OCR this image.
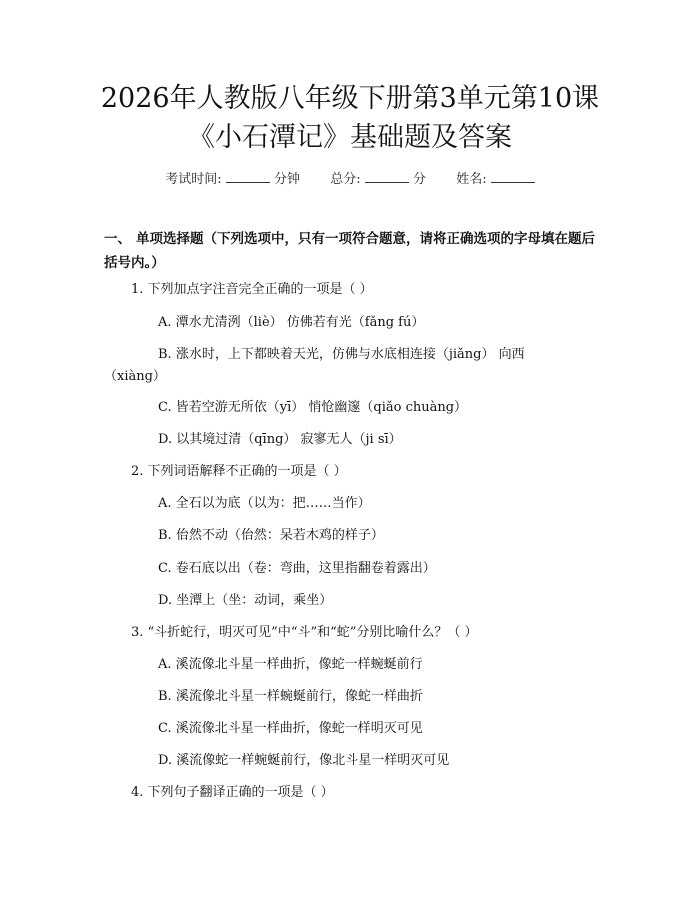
2026年人教版八年级下册第3单元第10课
《小石潭记》基础题及答案
考试时间:	分钟 总分:	分 姓名:
一、 单项选择题（下列选项中，只有一项符合题意，请将正确选项的字母填在题后括号内。）
1. 下列加点字注音完全正确的一项是（ ）
A. 潭水尤清洌（liè） 仿佛若有光（fǎng fú）
B. 涨水时，上下都映着天光，仿佛与水底相连接（jiǎng） 向西（xiàng）
C. 皆若空游无所依（yī） 悄怆幽邃（qiǎo chuàng）
D. 以其境过清（qīng） 寂寥无人（ji sī）
2. 下列词语解释不正确的一项是（ ）
A. 全石以为底（以为：把……当作）
B. 佁然不动（佁然：呆若木鸡的样子）
C. 卷石底以出（卷：弯曲，这里指翻卷着露出）
D. 坐潭上（坐：动词，乘坐）
3. “斗折蛇行，明灭可见”中“斗”和“蛇”分别比喻什么？（ ）
A. 溪流像北斗星一样曲折，像蛇一样蜿蜒前行
B. 溪流像北斗星一样蜿蜒前行，像蛇一样曲折
C. 溪流像北斗星一样曲折，像蛇一样明灭可见
D. 溪流像蛇一样蜿蜒前行，像北斗星一样明灭可见
4. 下列句子翻译正确的一项是（ ）
